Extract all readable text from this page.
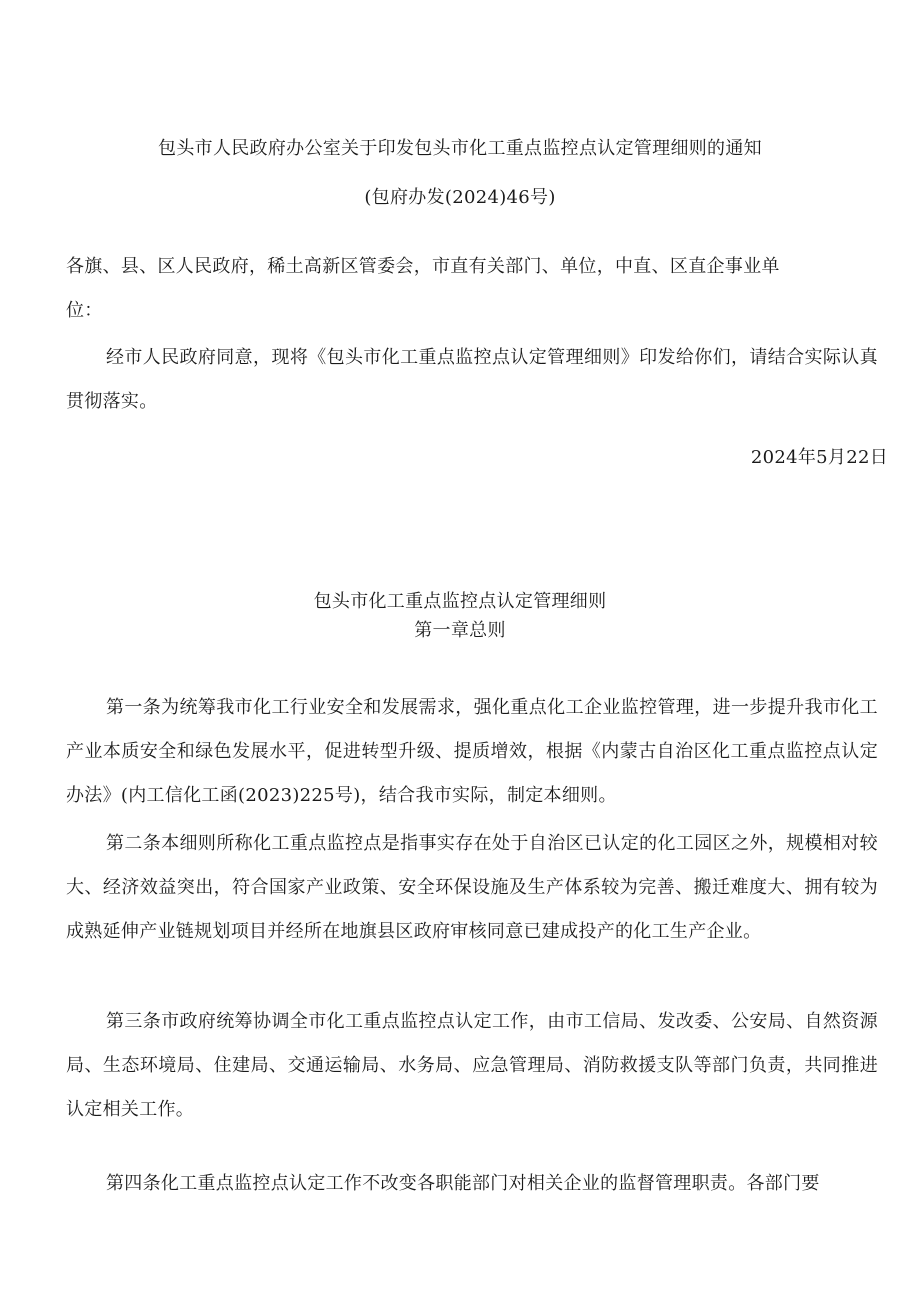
包头市人民政府办公室关于印发包头市化工重点监控点认定管理细则的通知
(包府办发(2024)46号)
各旗、县、区人民政府，稀土高新区管委会，市直有关部门、单位，中直、区直企事业单位：
经市人民政府同意，现将《包头市化工重点监控点认定管理细则》印发给你们，请结合实际认真贯彻落实。
2024年5月22日
包头市化工重点监控点认定管理细则
第一章总则
第一条为统筹我市化工行业安全和发展需求，强化重点化工企业监控管理，进一步提升我市化工产业本质安全和绿色发展水平，促进转型升级、提质增效，根据《内蒙古自治区化工重点监控点认定办法》(内工信化工函(2023)225号)，结合我市实际，制定本细则。
第二条本细则所称化工重点监控点是指事实存在处于自治区已认定的化工园区之外，规模相对较大、经济效益突出，符合国家产业政策、安全环保设施及生产体系较为完善、搬迁难度大、拥有较为成熟延伸产业链规划项目并经所在地旗县区政府审核同意已建成投产的化工生产企业。
第三条市政府统筹协调全市化工重点监控点认定工作，由市工信局、发改委、公安局、自然资源局、生态环境局、住建局、交通运输局、水务局、应急管理局、消防救援支队等部门负责，共同推进认定相关工作。
第四条化工重点监控点认定工作不改变各职能部门对相关企业的监督管理职责。各部门要
